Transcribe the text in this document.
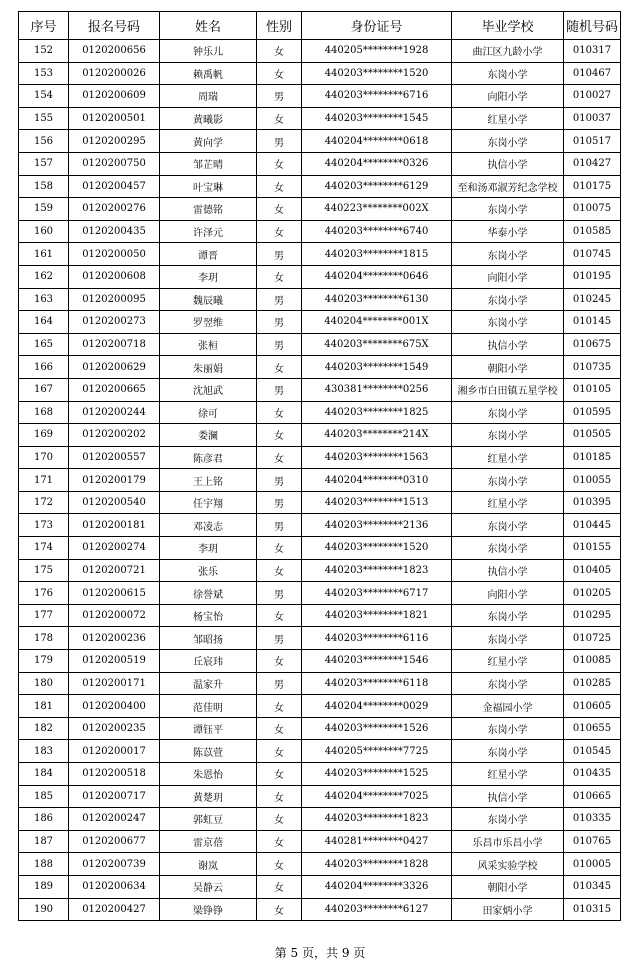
序号	报名号码	姓名	性别	身份证号	毕业学校	随机号码
152	0120200656	钟乐儿	女	440205********1928	曲江区九龄小学	010317
153	0120200026	赖禹帆	女	440203********1520	东岗小学	010467
154	0120200609	周瑞	男	440203********6716	向阳小学	010027
155	0120200501	黄曦影	女	440203********1545	红星小学	010037
156	0120200295	黄向学	男	440204********0618	东岗小学	010517
157	0120200750	邹芷晴	女	440204********0326	执信小学	010427
158	0120200457	叶宝琳	女	440203********6129	至和汤邓淑芳纪念学校	010175
159	0120200276	雷德铭	女	440223********002X	东岗小学	010075
160	0120200435	许泽元	女	440203********6740	华泰小学	010585
161	0120200050	谭晋	男	440203********1815	东岗小学	010745
162	0120200608	李玥	女	440204********0646	向阳小学	010195
163	0120200095	魏辰曦	男	440203********6130	东岗小学	010245
164	0120200273	罗翌维	男	440204********001X	东岗小学	010145
165	0120200718	张桓	男	440203********675X	执信小学	010675
166	0120200629	朱丽娟	女	440203********1549	朝阳小学	010735
167	0120200665	沈旭武	男	430381********0256	湘乡市白田镇五星学校	010105
168	0120200244	徐可	女	440203********1825	东岗小学	010595
169	0120200202	娄澜	女	440203********214X	东岗小学	010505
170	0120200557	陈彦君	女	440203********1563	红星小学	010185
171	0120200179	王上铭	男	440204********0310	东岗小学	010055
172	0120200540	任宇翔	男	440203********1513	红星小学	010395
173	0120200181	邓凌志	男	440203********2136	东岗小学	010445
174	0120200274	李玥	女	440203********1520	东岗小学	010155
175	0120200721	张乐	女	440203********1823	执信小学	010405
176	0120200615	徐誉斌	男	440203********6717	向阳小学	010205
177	0120200072	杨宝怡	女	440203********1821	东岗小学	010295
178	0120200236	邹昭扬	男	440203********6116	东岗小学	010725
179	0120200519	丘宸玮	女	440203********1546	红星小学	010085
180	0120200171	温家升	男	440203********6118	东岗小学	010285
181	0120200400	范佳明	女	440204********0029	金福园小学	010605
182	0120200235	谭钰平	女	440203********1526	东岗小学	010655
183	0120200017	陈苡萱	女	440205********7725	东岗小学	010545
184	0120200518	朱恩怡	女	440203********1525	红星小学	010435
185	0120200717	黄楚玥	女	440204********7025	执信小学	010665
186	0120200247	郭虹豆	女	440203********1823	东岗小学	010335
187	0120200677	雷京蓓	女	440281********0427	乐昌市乐昌小学	010765
188	0120200739	谢岚	女	440203********1828	风采实验学校	010005
189	0120200634	吴静云	女	440204********3326	朝阳小学	010345
190	0120200427	梁铮铮	女	440203********6127	田家炳小学	010315
第 5 页，共 9 页
